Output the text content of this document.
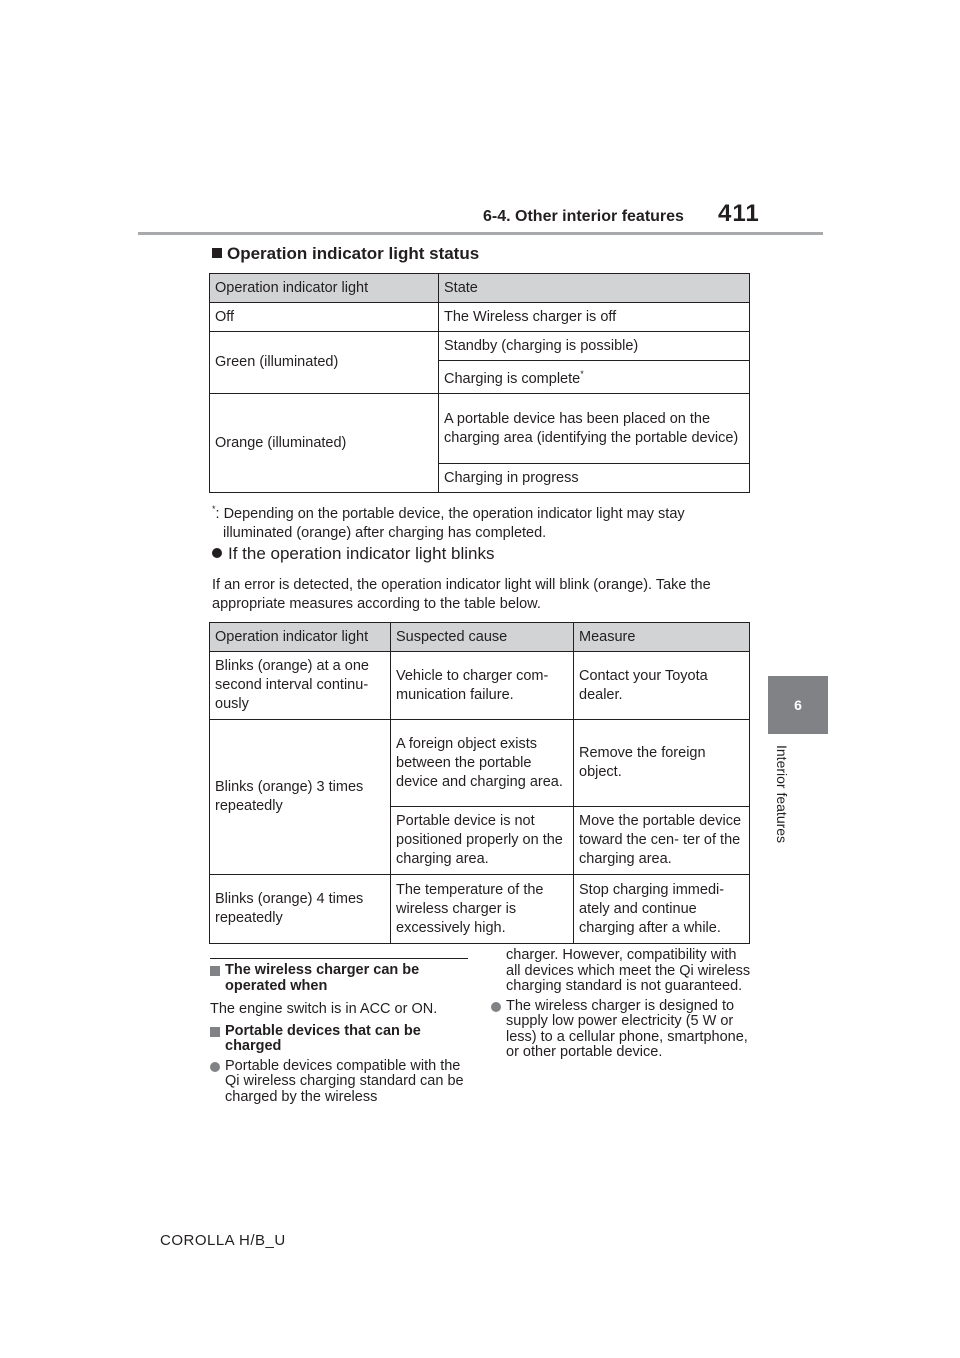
6-4. Other interior features 411
6
Interior features
Operation indicator light status
Operation indicator light	State
Off	The Wireless charger is off
Green (illuminated)	Standby (charging is possible)
	Charging is complete*
Orange (illuminated)	A portable device has been placed on the charging area (identifying the portable device)
	Charging in progress
*: Depending on the portable device, the operation indicator light may stay
illuminated (orange) after charging has completed.
If the operation indicator light blinks
If an error is detected, the operation indicator light will blink (orange). Take the appropriate measures according to the table below.
Operation indicator light	Suspected cause	Measure
Blinks (orange) at a one second interval continu- ously	Vehicle to charger com- munication failure.	Contact your Toyota dealer.
Blinks (orange) 3 times repeatedly	A foreign object exists between the portable device and charging area.	Remove the foreign object.
	Portable device is not positioned properly on the charging area.	Move the portable device toward the cen- ter of the charging area.
Blinks (orange) 4 times repeatedly	The temperature of the wireless charger is excessively high.	Stop charging immedi- ately and continue charging after a while.
The wireless charger can be operated when
The engine switch is in ACC or ON.
Portable devices that can be charged
Portable devices compatible with the Qi wireless charging standard can be charged by the wireless
charger. However, compatibility with all devices which meet the Qi wireless charging standard is not guaranteed.
The wireless charger is designed to supply low power electricity (5 W or less) to a cellular phone, smartphone, or other portable device.
COROLLA H/B_U
